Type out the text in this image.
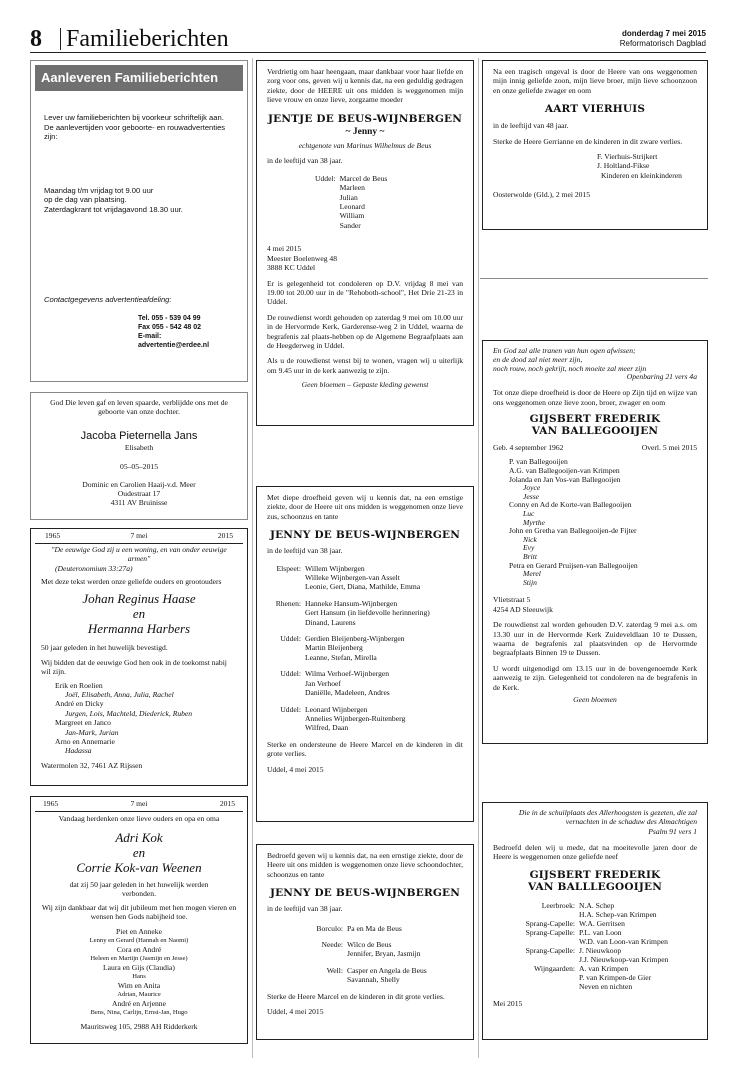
8 Familieberichten	donderdag 7 mei 2015
Reformatorisch Dagblad
Aanleveren Familieberichten
Lever uw familieberichten bij voorkeur schriftelijk aan. De aanlevertijden voor geboorte- en rouwadvertenties zijn:
Maandag t/m vrijdag tot 9.00 uur
op de dag van plaatsing.
Zaterdagkrant tot vrijdagavond 18.30 uur.
Contactgegevens advertentieafdeling:
Tel. 055 - 539 04 99
Fax 055 - 542 48 02
E-mail: advertentie@erdee.nl
God Die leven gaf en leven spaarde, verblijdde ons met de geboorte van onze dochter.
Jacoba Pieternella Jans
Elisabeth
05–05–2015
Dominic en Carolien Haaij-v.d. Meer
Oudestraat 17
4311 AV Bruinisse
1965	7 mei	2015
"De eeuwige God zij u een woning, en van onder eeuwige armen"
(Deuteronomium 33:27a)
Met deze tekst werden onze geliefde ouders en grootouders
Johan Reginus Haase
en
Hermanna Harbers
50 jaar geleden in het huwelijk bevestigd.
Wij bidden dat de eeuwige God hen ook in de toekomst nabij wil zijn.
Erik en Roelien
Joël, Elisabeth, Anna, Julia, Rachel
André en Dicky
Jurgen, Lois, Machteld, Diederick, Ruben
Margreet en Janco
Jan-Mark, Jurian
Arno en Annemarie
Hadassa
Watermolen 32, 7461 AZ Rijssen
1965	7 mei	2015
Vandaag herdenken onze lieve ouders en opa en oma
Adri Kok
en
Corrie Kok-van Weenen
dat zij 50 jaar geleden in het huwelijk werden verbonden.
Wij zijn dankbaar dat wij dit jubileum met hen mogen vieren en wensen hen Gods nabijheid toe.
Piet en Anneke
Lenny en Gerard (Hannah en Naomi)
Cora en André
Heleen en Martijn (Jasmijn en Jesse)
Laura en Gijs (Claudia)
Hans
Wim en Anita
Adrian, Maurice
André en Arjenne
Bens, Nina, Carlijn, Ernst-Jan, Hugo
Mauritsweg 105, 2988 AH Ridderkerk
Verdrietig om haar heengaan, maar dankbaar voor haar liefde en zorg voor ons, geven wij u kennis dat, na een geduldig gedragen ziekte, door de HEERE uit ons midden is weggenomen mijn lieve vrouw en onze lieve, zorgzame moeder
JENTJE DE BEUS-WIJNBERGEN
~ Jenny ~
echtgenote van Marinus Wilhelmus de Beus
in de leeftijd van 38 jaar.
Uddel: Marcel de Beus
Marleen
Julian
Leonard
William
Sander
4 mei 2015
Meester Boelenweg 48
3888 KC Uddel
Er is gelegenheid tot condoleren op D.V. vrijdag 8 mei van 19.00 tot 20.00 uur in de "Rehoboth-school", Het Drie 21-23 in Uddel.
De rouwdienst wordt gehouden op zaterdag 9 mei om 10.00 uur in de Hervormde Kerk, Garderense-weg 2 in Uddel, waarna de begrafenis zal plaats-hebben op de Algemene Begraafplaats aan de Heegderweg in Uddel.
Als u de rouwdienst wenst bij te wonen, vragen wij u uiterlijk om 9.45 uur in de kerk aanwezig te zijn.
Geen bloemen – Gepaste kleding gewenst
Met diepe droefheid geven wij u kennis dat, na een ernstige ziekte, door de Heere uit ons midden is weggenomen onze lieve zus, schoonzus en tante
JENNY DE BEUS-WIJNBERGEN
in de leeftijd van 38 jaar.
Elspeet: Willem Wijnbergen
Willeke Wijnbergen-van Asselt
Leonie, Gert, Diana, Mathilde, Emma
Rhenen: Hanneke Hansum-Wijnbergen
Gert Hansum (in liefdevolle herinnering)
Dinand, Laurens
Uddel: Gerdien Bleijenberg-Wijnbergen
Martin Bleijenberg
Leanne, Stefan, Mirella
Uddel: Wilma Verhoef-Wijnbergen
Jan Verhoef
Daniëlle, Madeleen, Andres
Uddel: Leonard Wijnbergen
Annelies Wijnbergen-Ruitenberg
Wilfred, Daan
Sterke en ondersteune de Heere Marcel en de kinderen in dit grote verlies.
Uddel, 4 mei 2015
Bedroefd geven wij u kennis dat, na een ernstige ziekte, door de Heere uit ons midden is weggenomen onze lieve schoondochter, schoonzus en tante
JENNY DE BEUS-WIJNBERGEN
in de leeftijd van 38 jaar.
Borculo: Pa en Ma de Beus
Neede: Wilco de Beus
Jennifer, Bryan, Jasmijn
Well: Casper en Angela de Beus
Savannah, Shelly
Sterke de Heere Marcel en de kinderen in dit grote verlies.
Uddel, 4 mei 2015
Na een tragisch ongeval is door de Heere van ons weggenomen mijn innig geliefde zoon, mijn lieve broer, mijn lieve schoonzoon en onze geliefde zwager en oom
AART VIERHUIS
in de leeftijd van 48 jaar.
Sterke de Heere Gerrianne en de kinderen in dit zware verlies.
F. Vierhuis-Strijkert
J. Holtland-Fikse
Kinderen en kleinkinderen
Oosterwolde (Gld.), 2 mei 2015
En God zal alle tranen van hun ogen afwissen;
en de dood zal niet meer zijn,
noch rouw, noch gekrijt, noch moeite zal meer zijn
Openbaring 21 vers 4a
Tot onze diepe droefheid is door de Heere op Zijn tijd en wijze van ons weggenomen onze lieve zoon, broer, zwager en oom
GIJSBERT FREDERIK
VAN BALLEGOOIJEN
Geb. 4 september 1962	Overl. 5 mei 2015
P. van Ballegooijen
A.G. van Ballegooijen-van Krimpen
Jolanda en Jan Vos-van Ballegooijen
Joyce
Jesse
Conny en Ad de Korte-van Ballegooijen
Luc
Myrthe
John en Gretha van Ballegooijen-de Fijter
Nick
Evy
Britt
Petra en Gerard Pruijsen-van Ballegooijen
Merel
Stijn
Vlietstraat 5
4254 AD Sleeuwijk
De rouwdienst zal worden gehouden D.V. zaterdag 9 mei a.s. om 13.30 uur in de Hervormde Kerk Zuideveldlaan 10 te Dussen, waarna de begrafenis zal plaatsvinden op de Hervormde begraafplaats Binnen 19 te Dussen.
U wordt uitgenodigd om 13.15 uur in de bovengenoemde Kerk aanwezig te zijn. Gelegenheid tot condoleren na de begrafenis in de Kerk.
Geen bloemen
Die in de schuilplaats des Allerhoogsten is gezeten, die zal vernachten in de schaduw des Almachtigen
Psalm 91 vers 1
Bedroefd delen wij u mede, dat na moeitevolle jaren door de Heere is weggenomen onze geliefde neef
GIJSBERT FREDERIK
VAN BALLLEGOOIJEN
Leerbroek: N.A. Schep
H.A. Schep-van Krimpen
Sprang-Capelle: W.A. Gerritsen
Sprang-Capelle: P.L. van Loon
W.D. van Loon-van Krimpen
Sprang-Capelle: J. Nieuwkoop
J.J. Nieuwkoop-van Krimpen
Wijngaarden: A. van Krimpen
P. van Krimpen-de Gier
Neven en nichten
Mei 2015
